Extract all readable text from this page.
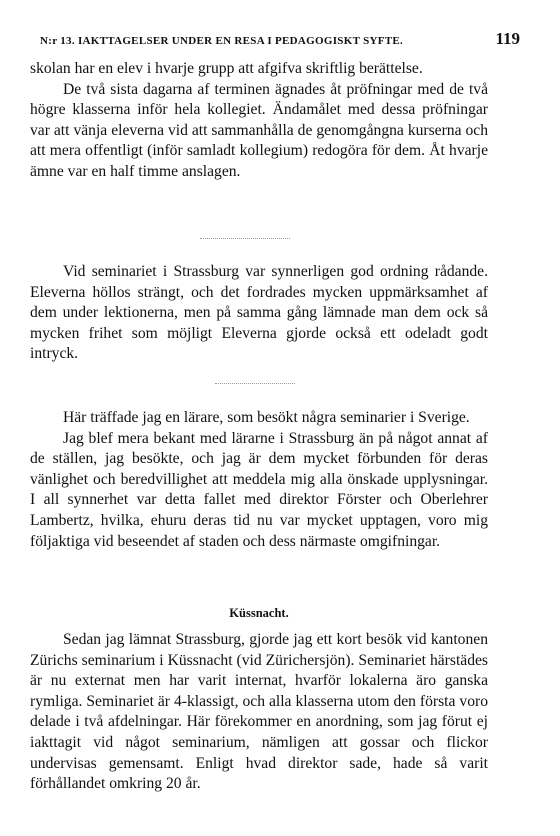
N:r 13. IAKTTAGELSER UNDER EN RESA I PEDAGOGISKT SYFTE.	119

skolan har en elev i hvarje grupp att afgifva skriftlig berättelse.

De två sista dagarna af terminen ägnades åt pröfningar med de två högre klasserna inför hela kollegiet. Ändamålet med dessa pröfningar var att vänja eleverna vid att sammanhålla de genomgångna kurserna och att mera offentligt (inför samladt kollegium) redogöra för dem. Åt hvarje ämne var en half timme anslagen.

Vid seminariet i Strassburg var synnerligen god ordning rådande. Eleverna höllos strängt, och det fordrades mycken uppmärksamhet af dem under lektionerna, men på samma gång lämnade man dem ock så mycken frihet som möjligt Eleverna gjorde också ett odeladt godt intryck.

Här träffade jag en lärare, som besökt några seminarier i Sverige.

Jag blef mera bekant med lärarne i Strassburg än på något annat af de ställen, jag besökte, och jag är dem mycket förbunden för deras vänlighet och beredvillighet att meddela mig alla önskade upplysningar. I all synnerhet var detta fallet med direktor Förster och Oberlehrer Lambertz, hvilka, ehuru deras tid nu var mycket upptagen, voro mig följaktiga vid beseendet af staden och dess närmaste omgifningar.

Küssnacht.

Sedan jag lämnat Strassburg, gjorde jag ett kort besök vid kantonen Zürichs seminarium i Küssnacht (vid Zürichersjön). Seminariet härstädes är nu externat men har varit internat, hvarför lokalerna äro ganska rymliga. Seminariet är 4-klassigt, och alla klasserna utom den första voro delade i två afdelningar. Här förekommer en anordning, som jag förut ej iakttagit vid något seminarium, nämligen att gossar och flickor undervisas gemensamt. Enligt hvad direktor sade, hade så varit förhållandet omkring 20 år.
